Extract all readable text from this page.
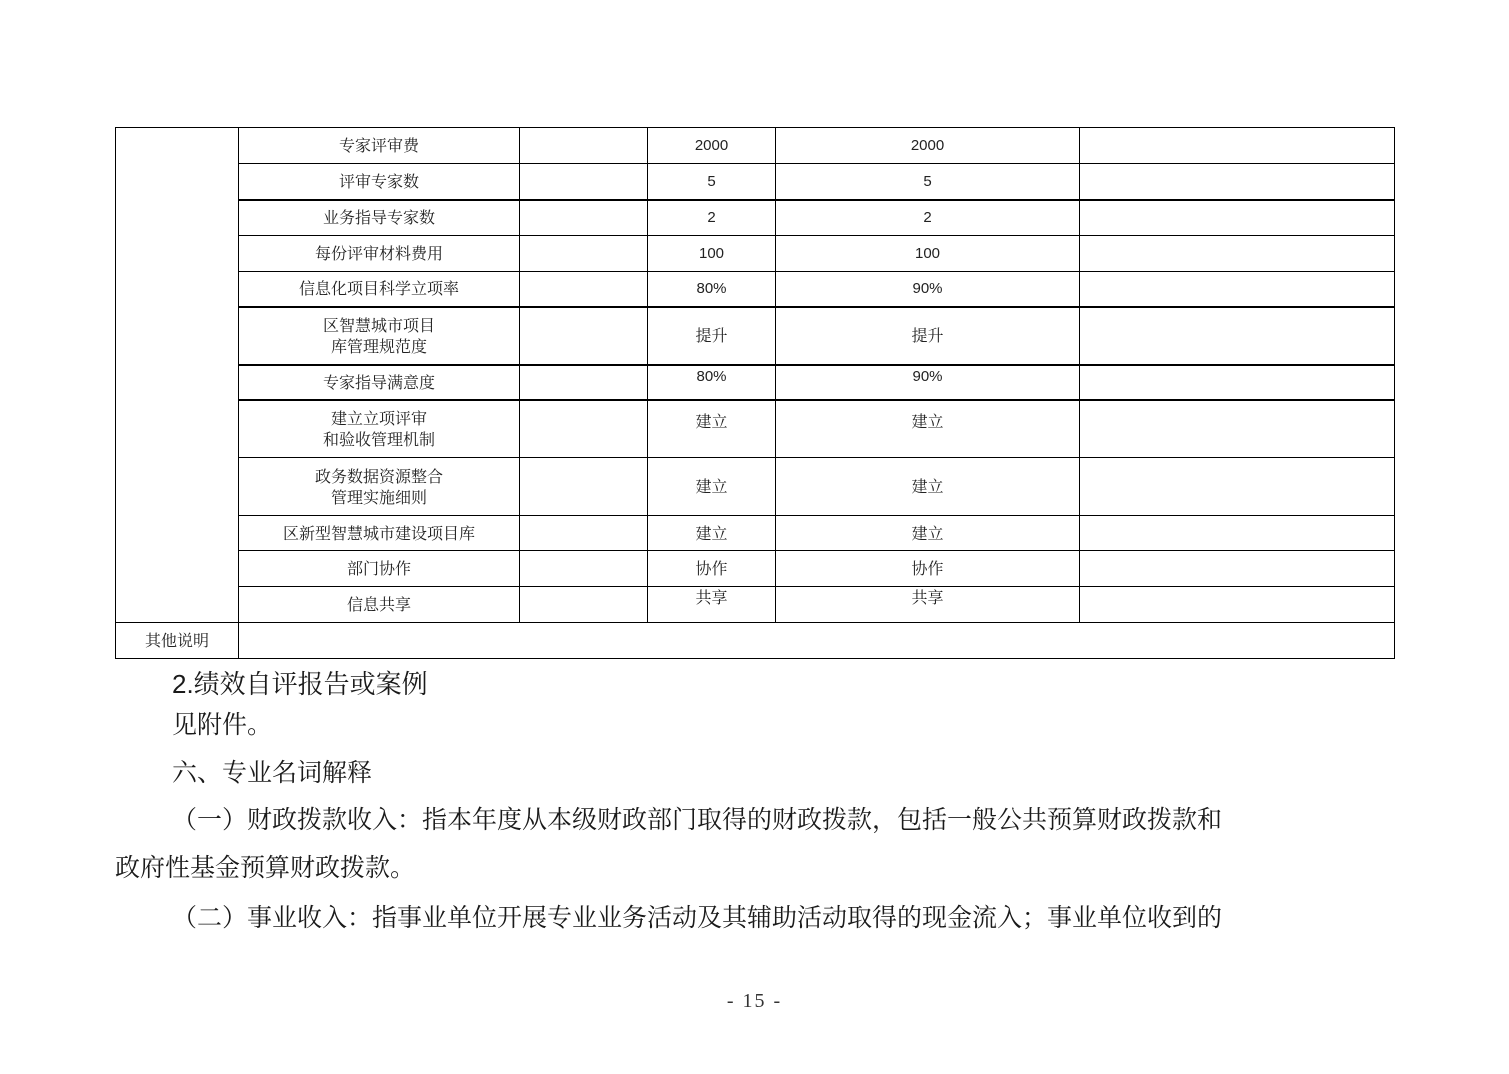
	专家评审费		2000	2000	
	评审专家数		5	5	
	业务指导专家数		2	2	
	每份评审材料费用		100	100	
	信息化项目科学立项率		80%	90%	

	区智慧城市项目
库管理规范度		提升	提升	
	专家指导满意度		80%	90%	

	建立立项评审
和验收管理机制		建立	建立	

	政务数据资源整合
管理实施细则		建立	建立	
	区新型智慧城市建设项目库		建立	建立	
	部门协作		协作	协作	
	信息共享		共享	共享	
其他说明					
2.绩效自评报告或案例
见附件。
六、专业名词解释
（一）财政拨款收入：指本年度从本级财政部门取得的财政拨款，包括一般公共预算财政拨款和
政府性基金预算财政拨款。
（二）事业收入：指事业单位开展专业业务活动及其辅助活动取得的现金流入；事业单位收到的
- 15 -
